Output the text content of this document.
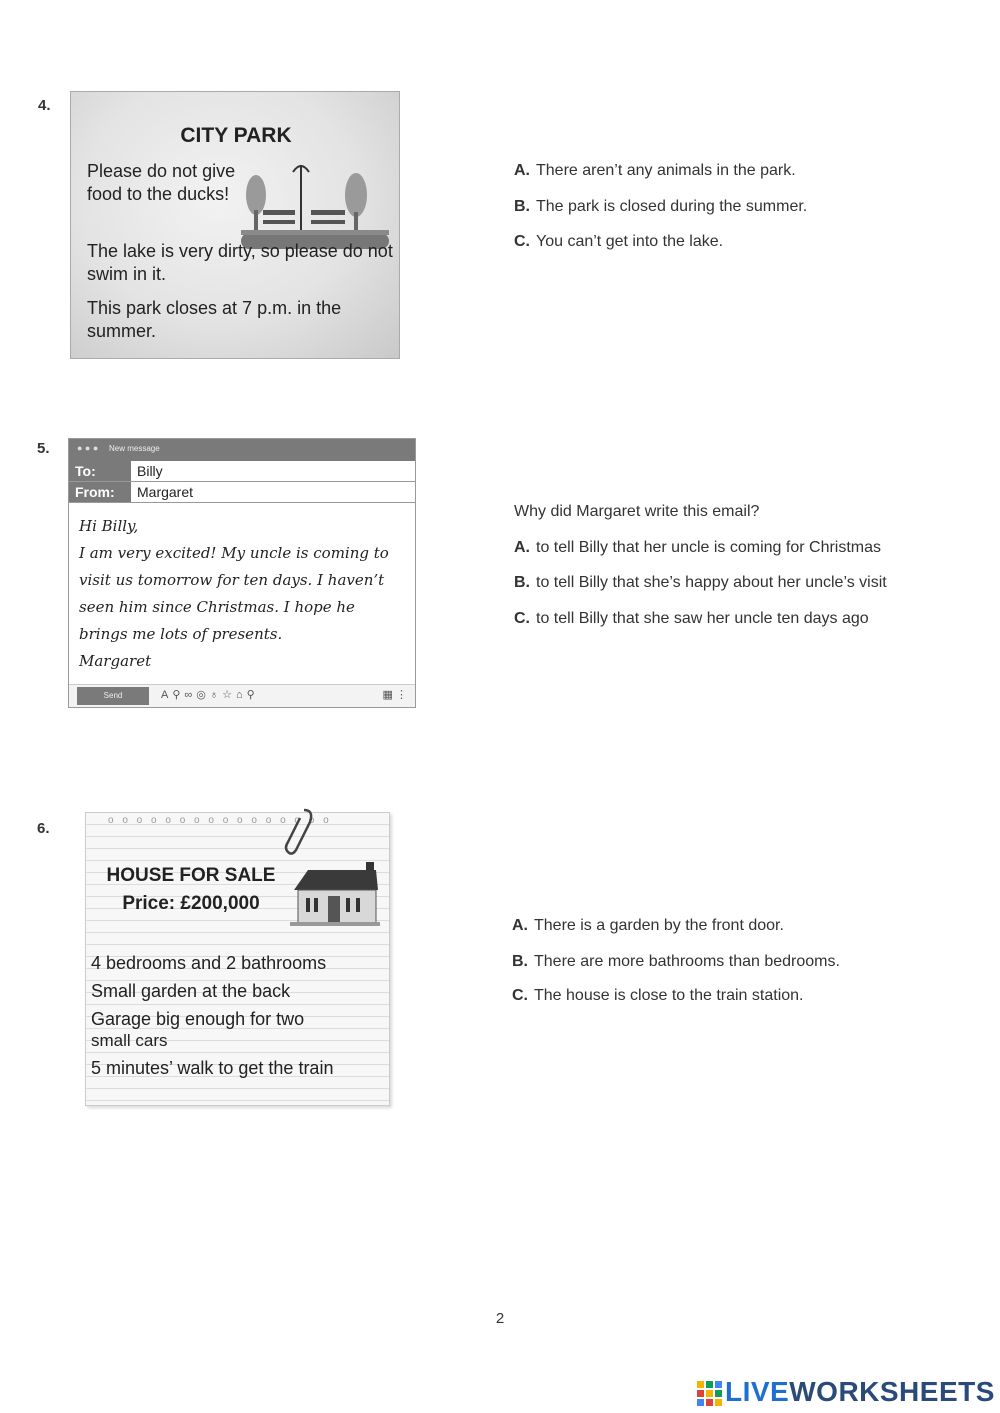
4.
CITY PARK
Please do not give food to the ducks!
The lake is very dirty, so please do not swim in it.
This park closes at 7 p.m. in the summer.
A. There aren’t any animals in the park.
B. The park is closed during the summer.
C. You can’t get into the lake.
5.	● ● ● New message
To:	Billy
From:	Margaret
Hi Billy,
I am very excited! My uncle is coming to
visit us tomorrow for ten days. I haven’t
seen him since Christmas. I hope he
brings me lots of presents.
Margaret
Send	A⚲∞◎♁☆⌂⚲	▦ ⋮
Why did Margaret write this email?
A. to tell Billy that her uncle is coming for Christmas
B. to tell Billy that she’s happy about her uncle’s visit
C. to tell Billy that she saw her uncle ten days ago
6.	o o o o o o o o o o o o o o o o
HOUSE FOR SALE
Price: £200,000
4 bedrooms and 2 bathrooms
Small garden at the back
Garage big enough for two
small cars
5 minutes’ walk to get the train
A. There is a garden by the front door.
B. There are more bathrooms than bedrooms.
C. The house is close to the train station.
2
LIVEWORKSHEETS
